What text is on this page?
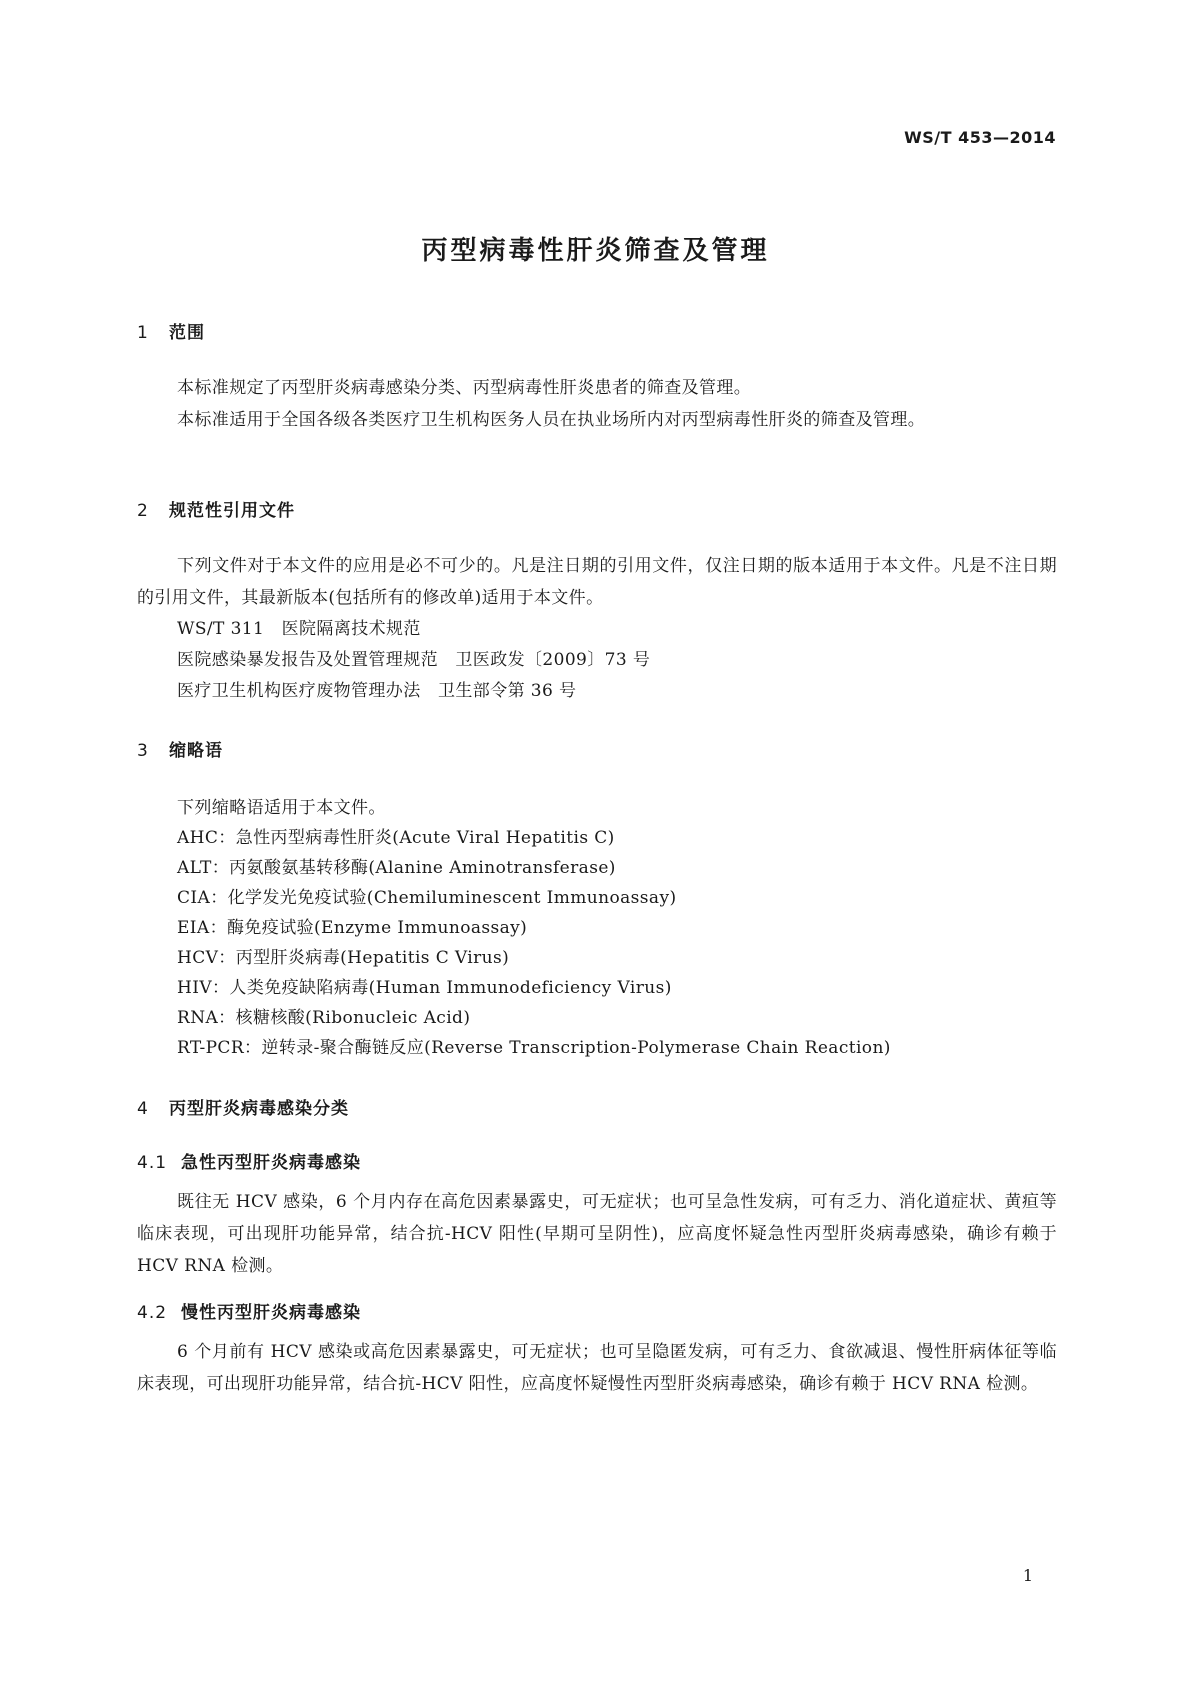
WS/T 453—2014
丙型病毒性肝炎筛查及管理
1 范围
本标准规定了丙型肝炎病毒感染分类、丙型病毒性肝炎患者的筛查及管理。
本标准适用于全国各级各类医疗卫生机构医务人员在执业场所内对丙型病毒性肝炎的筛查及管理。
2 规范性引用文件
下列文件对于本文件的应用是必不可少的。凡是注日期的引用文件，仅注日期的版本适用于本文件。凡是不注日期的引用文件，其最新版本(包括所有的修改单)适用于本文件。
WS/T 311　医院隔离技术规范
医院感染暴发报告及处置管理规范　卫医政发〔2009〕73 号
医疗卫生机构医疗废物管理办法　卫生部令第 36 号
3 缩略语
下列缩略语适用于本文件。
AHC：急性丙型病毒性肝炎(Acute Viral Hepatitis C)
ALT：丙氨酸氨基转移酶(Alanine Aminotransferase)
CIA：化学发光免疫试验(Chemiluminescent Immunoassay)
EIA：酶免疫试验(Enzyme Immunoassay)
HCV：丙型肝炎病毒(Hepatitis C Virus)
HIV：人类免疫缺陷病毒(Human Immunodeficiency Virus)
RNA：核糖核酸(Ribonucleic Acid)
RT-PCR：逆转录-聚合酶链反应(Reverse Transcription-Polymerase Chain Reaction)
4 丙型肝炎病毒感染分类
4.1 急性丙型肝炎病毒感染
既往无 HCV 感染，6 个月内存在高危因素暴露史，可无症状；也可呈急性发病，可有乏力、消化道症状、黄疸等临床表现，可出现肝功能异常，结合抗-HCV 阳性(早期可呈阴性)，应高度怀疑急性丙型肝炎病毒感染，确诊有赖于 HCV RNA 检测。
4.2 慢性丙型肝炎病毒感染
6 个月前有 HCV 感染或高危因素暴露史，可无症状；也可呈隐匿发病，可有乏力、食欲减退、慢性肝病体征等临床表现，可出现肝功能异常，结合抗-HCV 阳性，应高度怀疑慢性丙型肝炎病毒感染，确诊有赖于 HCV RNA 检测。
1
